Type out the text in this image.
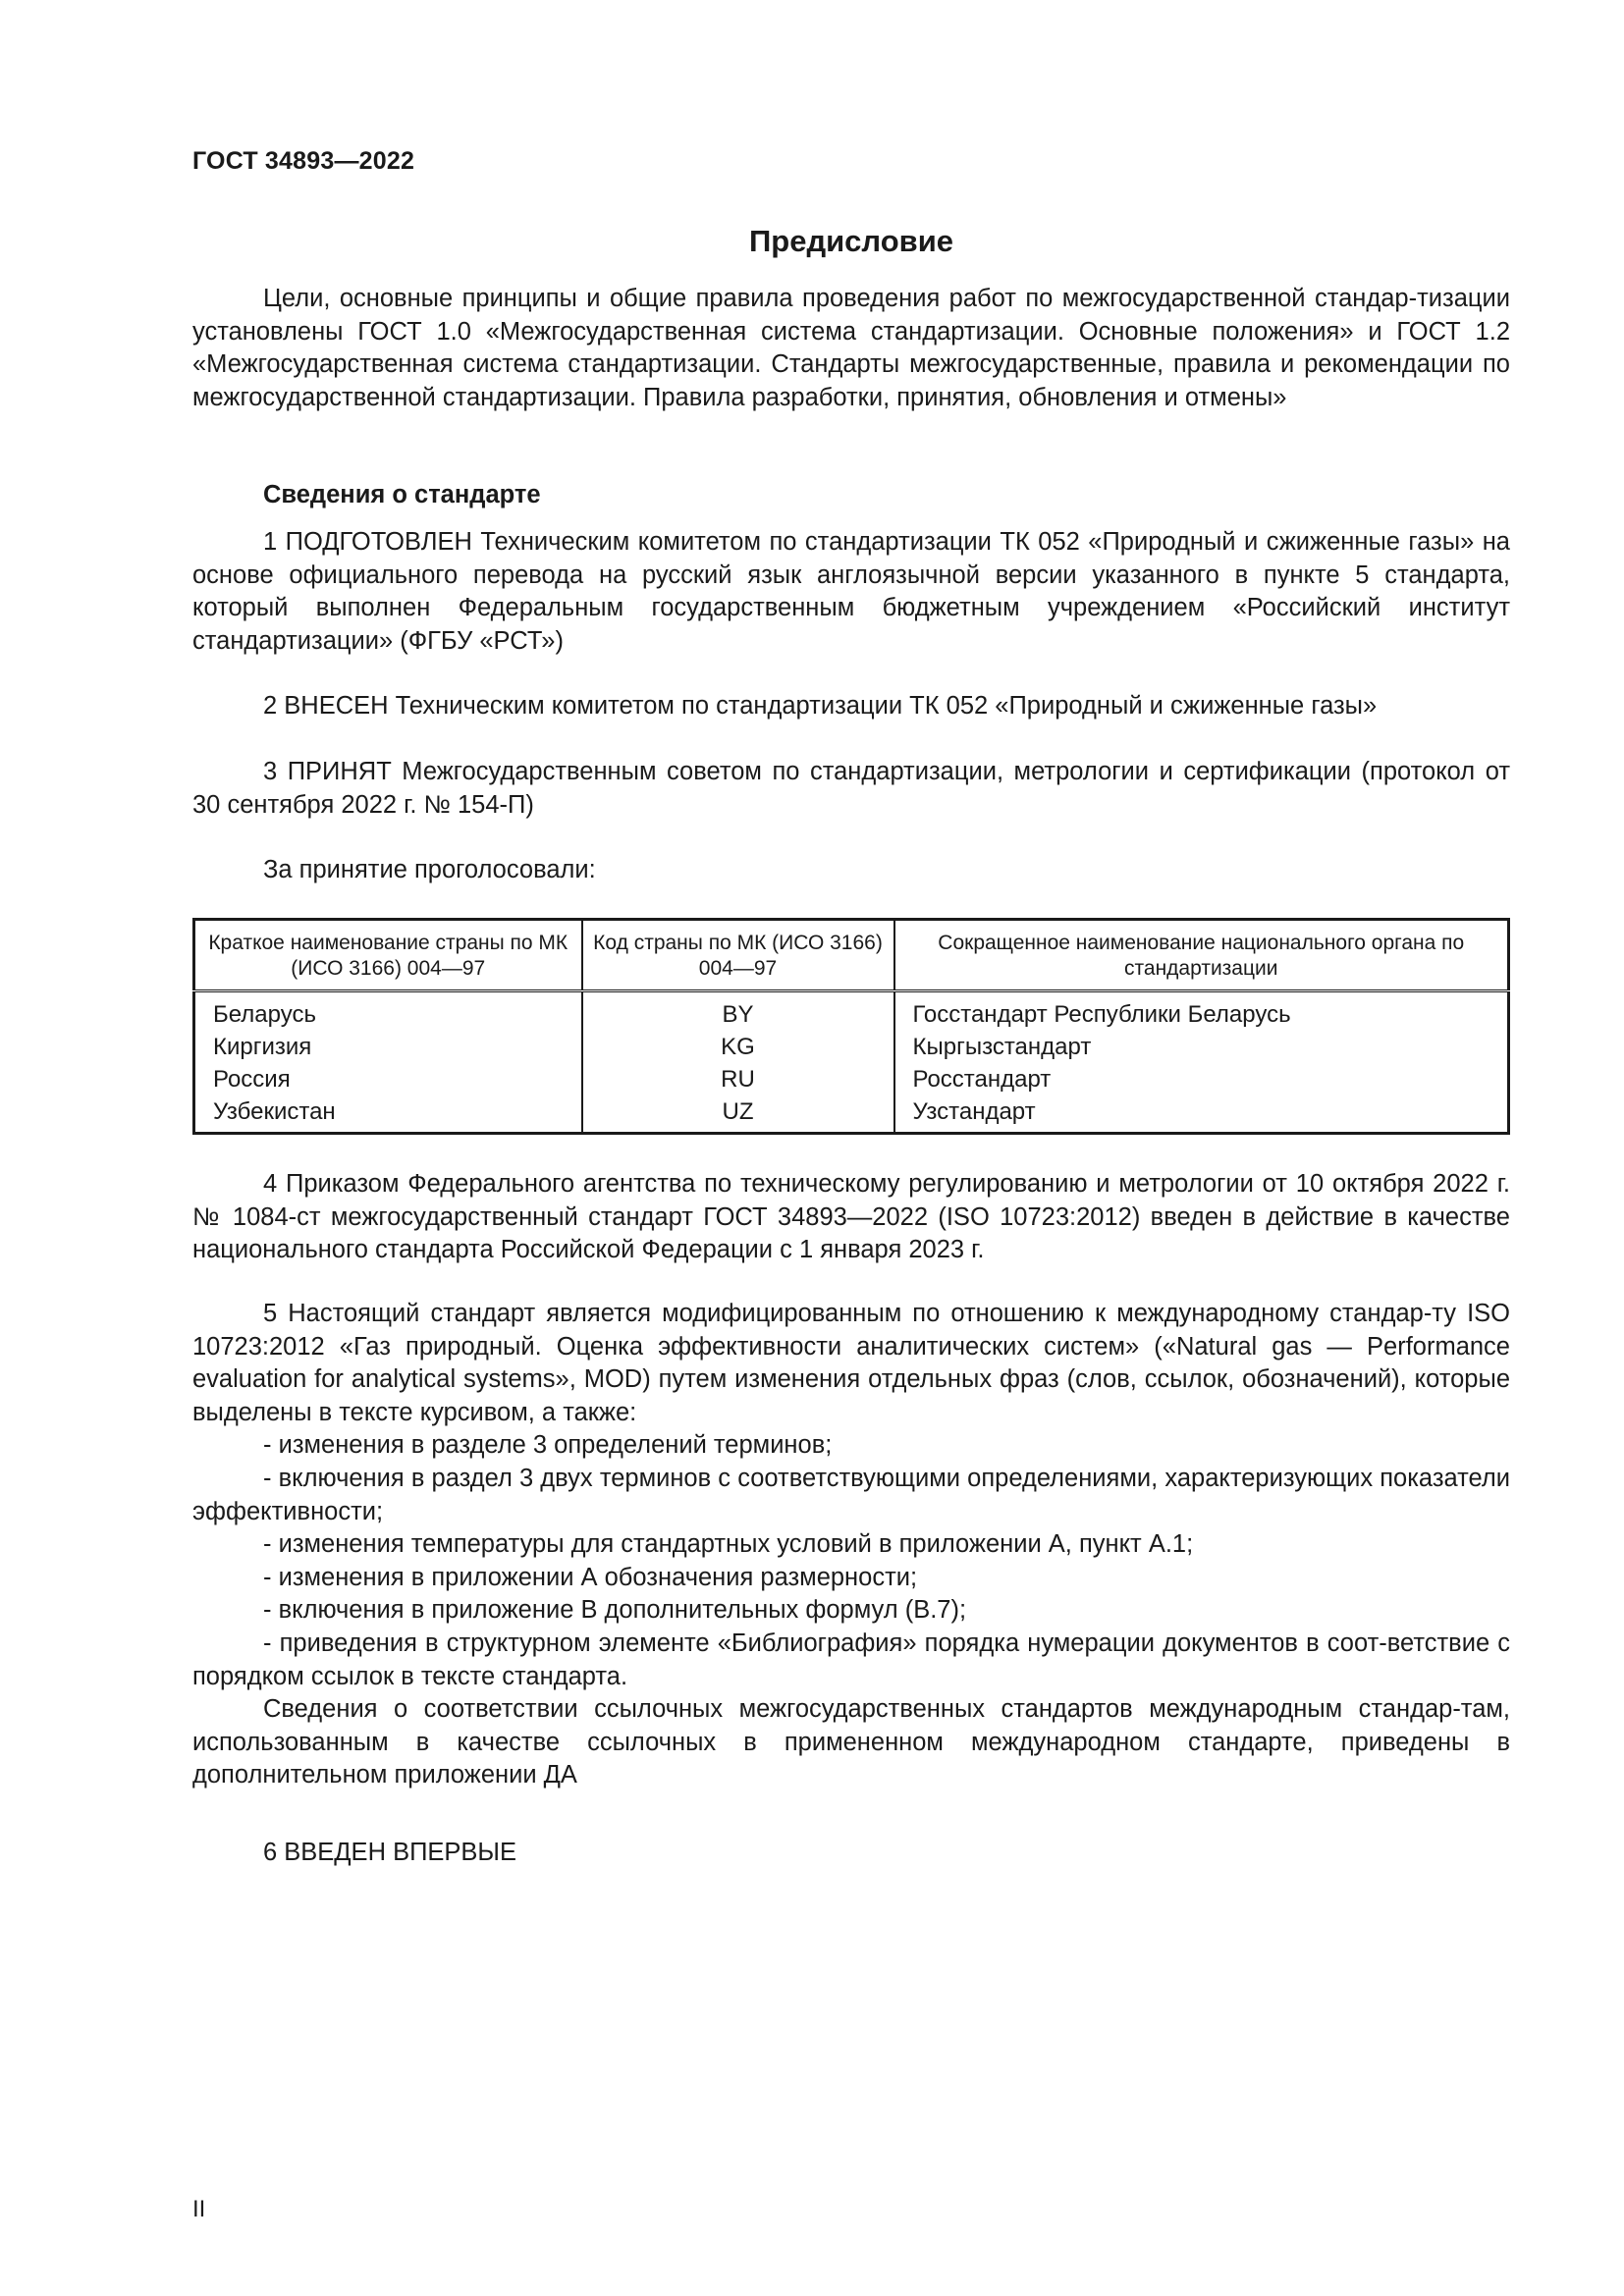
ГОСТ 34893—2022
Предисловие

Цели, основные принципы и общие правила проведения работ по межгосударственной стандар-тизации установлены ГОСТ 1.0 «Межгосударственная система стандартизации. Основные положения» и ГОСТ 1.2 «Межгосударственная система стандартизации. Стандарты межгосударственные, правила и рекомендации по межгосударственной стандартизации. Правила разработки, принятия, обновления и отмены»

Сведения о стандарте

1 ПОДГОТОВЛЕН Техническим комитетом по стандартизации ТК 052 «Природный и сжиженные газы» на основе официального перевода на русский язык англоязычной версии указанного в пункте 5 стандарта, который выполнен Федеральным государственным бюджетным учреждением «Российский институт стандартизации» (ФГБУ «РСТ»)

2 ВНЕСЕН Техническим комитетом по стандартизации ТК 052 «Природный и сжиженные газы»

3 ПРИНЯТ Межгосударственным советом по стандартизации, метрологии и сертификации (протокол от 30 сентября 2022 г. № 154-П)

За принятие проголосовали:

Краткое наименование страны по МК (ИСО 3166) 004—97	Код страны по МК (ИСО 3166) 004—97	Сокращенное наименование национального органа по стандартизации
Беларусь	BY	Госстандарт Республики Беларусь
Киргизия	KG	Кыргызстандарт
Россия	RU	Росстандарт
Узбекистан	UZ	Узстандарт

4 Приказом Федерального агентства по техническому регулированию и метрологии от 10 октября 2022 г. № 1084-ст межгосударственный стандарт ГОСТ 34893—2022 (ISO 10723:2012) введен в действие в качестве национального стандарта Российской Федерации с 1 января 2023 г.

5 Настоящий стандарт является модифицированным по отношению к международному стандар-ту ISO 10723:2012 «Газ природный. Оценка эффективности аналитических систем» («Natural gas — Performance evaluation for analytical systems», MOD) путем изменения отдельных фраз (слов, ссылок, обозначений), которые выделены в тексте курсивом, а также:

- изменения в разделе 3 определений терминов;

- включения в раздел 3 двух терминов с соответствующими определениями, характеризующих показатели эффективности;

- изменения температуры для стандартных условий в приложении А, пункт А.1;

- изменения в приложении А обозначения размерности;

- включения в приложение В дополнительных формул (В.7);

- приведения в структурном элементе «Библиография» порядка нумерации документов в соот-ветствие с порядком ссылок в тексте стандарта.

Сведения о соответствии ссылочных межгосударственных стандартов международным стандар-там, использованным в качестве ссылочных в примененном международном стандарте, приведены в дополнительном приложении ДА

6 ВВЕДЕН ВПЕРВЫЕ

II
